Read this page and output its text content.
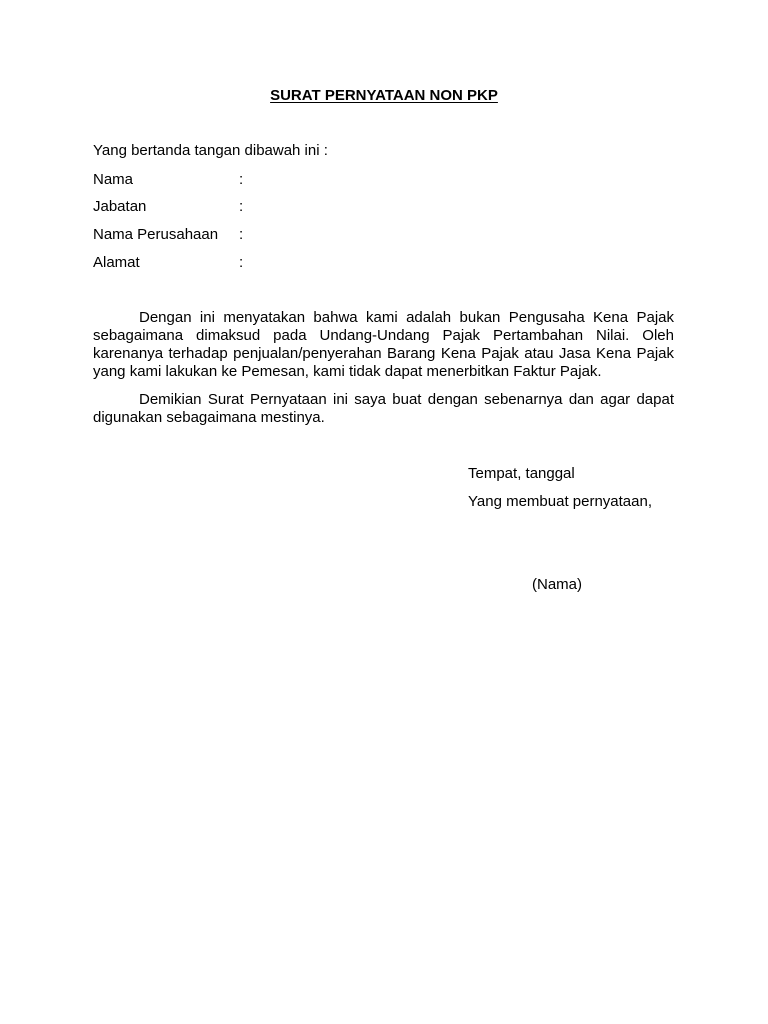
SURAT PERNYATAAN NON PKP
Yang bertanda tangan dibawah ini :
Nama	:
Jabatan	:
Nama Perusahaan :
Alamat	:

Dengan ini menyatakan bahwa kami adalah bukan Pengusaha Kena Pajak sebagaimana dimaksud pada Undang-Undang Pajak Pertambahan Nilai. Oleh karenanya terhadap penjualan/penyerahan Barang Kena Pajak atau Jasa Kena Pajak yang kami lakukan ke Pemesan, kami tidak dapat menerbitkan Faktur Pajak.

Demikian Surat Pernyataan ini saya buat dengan sebenarnya dan agar dapat digunakan sebagaimana mestinya.

Tempat, tanggal
Yang membuat pernyataan,
(Nama)
